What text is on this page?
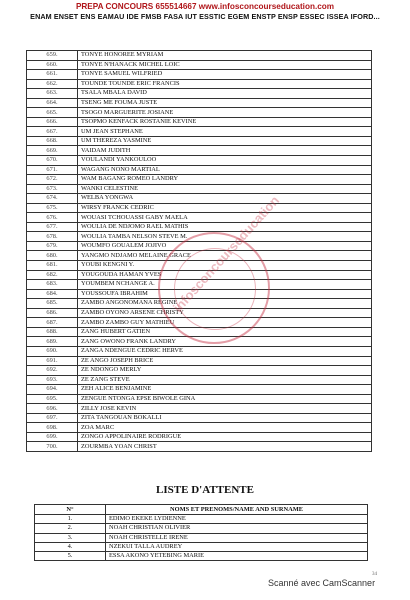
PREPA CONCOURS 655514667 www.infosconcourseducation.com
ENAM ENSET ENS EAMAU IDE FMSB FASA IUT ESSTIC EGEM ENSTP ENSP ESSEC ISSEA IFORD...
659.	TONYE HONOREE MYRIAM
660.	TONYE N'HANACK MICHEL LOIC
661.	TONYE SAMUEL WILFRIED
662.	TOUNDE TOUNDE ERIC FRANCIS
663.	TSALA MBALA DAVID
664.	TSENG ME FOUMA JUSTE
665.	TSOGO MARGUERITE JOSIANE
666.	TSOPMO KENFACK ROSTANIE KEVINE
667.	UM JEAN STEPHANE
668.	UM THEREZA YASMINE
669.	VAIDAM JUDITH
670.	VOULANDI YANKOULOO
671.	WAGANG NONO MARTIAL
672.	WAM BAGANG ROMEO LANDRY
673.	WANKI CELESTINE
674.	WELBA YONGWA
675.	WIRSY FRANCK CEDRIC
676.	WOUASI TCHOUASSI GABY MAELA
677.	WOULIA DE NDJOMO RAEL MATHIS
678.	WOULIA TAMBA NELSON STEVE M.
679.	WOUMFO GOUALEM JOJIVO
680.	YANGMO NDJAMO MELAINE GRACE
681.	YOUBI KENGNI Y.
682.	YOUGOUDA HAMAN YVES
683.	YOUMBEM NCHANGE A.
684.	YOUSSOUFA IBRAHIM
685.	ZAMBO ANGONOMANA REGINE
686.	ZAMBO OYONO ARSENE CHRISTY
687.	ZAMBO ZAMBO GUY MATHIEU
688.	ZANG HUBERT GATIEN
689.	ZANG OWONO FRANK LANDRY
690.	ZANGA NDENGUE CEDRIC HERVE
691.	ZE ANGO JOSEPH BRICE
692.	ZE NDONGO MERLY
693.	ZE ZANG STEVE
694.	ZEH ALICE BENJAMINE
695.	ZENGUE NTONGA EPSE BIWOLE GINA
696.	ZILLY JOSE KEVIN
697.	ZITA TANGOUAN BOKALLI
698.	ZOA MARC
699.	ZONGO APPOLINAIRE RODRIGUE
700.	ZOURMBA YOAN CHRIST
infosconcourseducation
LISTE D'ATTENTE
N°	NOMS ET PRENOMS/NAME AND SURNAME
1.	EDIMO EKEKE LYDIENNE
2.	NOAH CHRISTIAN OLIVIER
3.	NOAH CHRISTELLE IRENE
4.	NZEKUI TALLA AUDREY
5.	ESSA AKONO YETEBING MARIE
Scanné avec CamScanner
34
